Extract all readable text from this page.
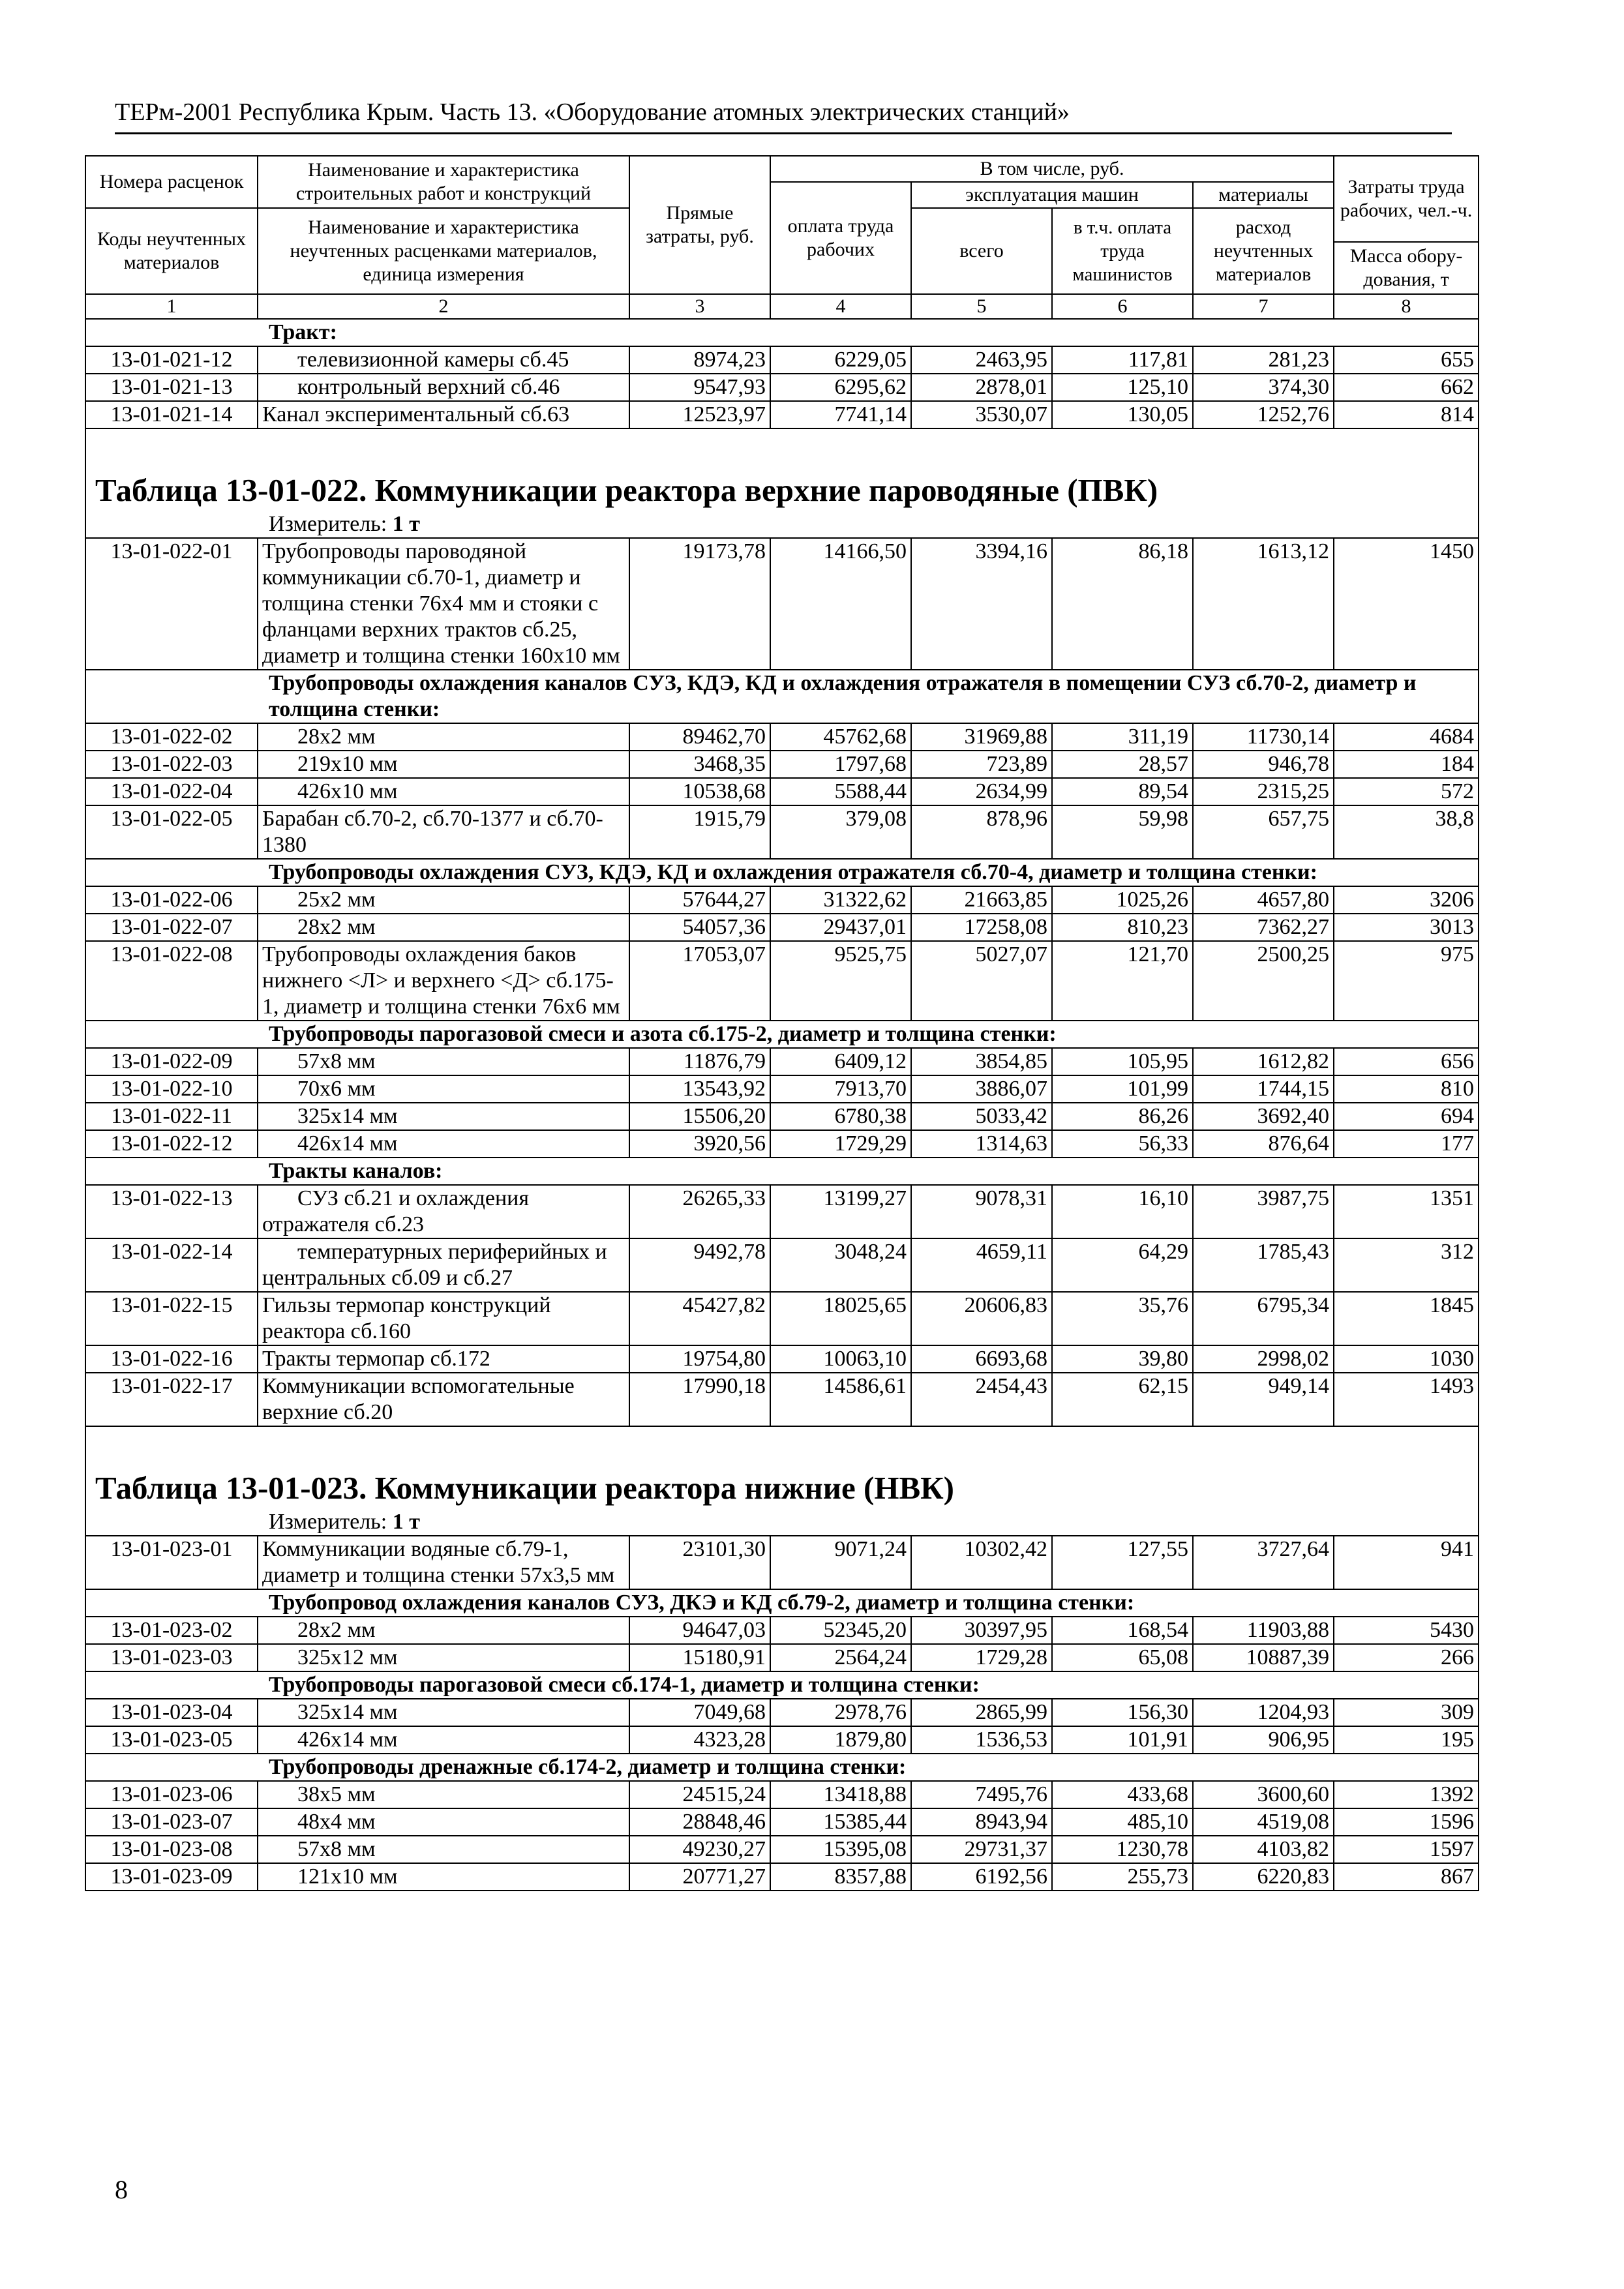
ТЕРм-2001 Республика Крым. Часть 13. «Оборудование атомных электрических станций»
Номера расценок	Наименование и характеристика строительных работ и конструкций	Прямые затраты, руб.	В том числе, руб.				Затраты труда рабочих, чел.-ч.
			оплата труда рабочих	эксплуатация машин		материалы	
Коды неучтенных материалов	Наименование и характеристика неучтенных расценками материалов, единица измерения			всего	в т.ч. оплата труда машинистов	расход неучтенных материалов	
							Масса обору-дования, т
1	2	3	4	5	6	7	8
Тракт:							
13-01-021-12	телевизионной камеры сб.45	8974,23	6229,05	2463,95	117,81	281,23	655
13-01-021-13	контрольный верхний сб.46	9547,93	6295,62	2878,01	125,10	374,30	662
13-01-021-14	Канал экспериментальный сб.63	12523,97	7741,14	3530,07	130,05	1252,76	814
Таблица 13-01-022. Коммуникации реактора верхние пароводяные (ПВК)							
Измеритель: 1 т							
13-01-022-01	Трубопроводы пароводяной коммуникации сб.70-1, диаметр и толщина стенки 76x4 мм и стояки с фланцами верхних трактов сб.25, диаметр и толщина стенки 160x10 мм	19173,78	14166,50	3394,16	86,18	1613,12	1450
Трубопроводы охлаждения каналов СУЗ, КДЭ, КД и охлаждения отражателя в помещении СУЗ сб.70-2, диаметр и толщина стенки:							
13-01-022-02	28x2 мм	89462,70	45762,68	31969,88	311,19	11730,14	4684
13-01-022-03	219x10 мм	3468,35	1797,68	723,89	28,57	946,78	184
13-01-022-04	426x10 мм	10538,68	5588,44	2634,99	89,54	2315,25	572
13-01-022-05	Барабан сб.70-2, сб.70-1377 и сб.70-1380	1915,79	379,08	878,96	59,98	657,75	38,8
Трубопроводы охлаждения СУЗ, КДЭ, КД и охлаждения отражателя сб.70-4, диаметр и толщина стенки:							
13-01-022-06	25x2 мм	57644,27	31322,62	21663,85	1025,26	4657,80	3206
13-01-022-07	28x2 мм	54057,36	29437,01	17258,08	810,23	7362,27	3013
13-01-022-08	Трубопроводы охлаждения баков нижнего <Л> и верхнего <Д> сб.175-1, диаметр и толщина стенки 76x6 мм	17053,07	9525,75	5027,07	121,70	2500,25	975
Трубопроводы парогазовой смеси и азота сб.175-2, диаметр и толщина стенки:							
13-01-022-09	57x8 мм	11876,79	6409,12	3854,85	105,95	1612,82	656
13-01-022-10	70x6 мм	13543,92	7913,70	3886,07	101,99	1744,15	810
13-01-022-11	325x14 мм	15506,20	6780,38	5033,42	86,26	3692,40	694
13-01-022-12	426x14 мм	3920,56	1729,29	1314,63	56,33	876,64	177
Тракты каналов:							
13-01-022-13	СУЗ сб.21 и охлаждения отражателя сб.23	26265,33	13199,27	9078,31	16,10	3987,75	1351
13-01-022-14	температурных периферийных и центральных сб.09 и сб.27	9492,78	3048,24	4659,11	64,29	1785,43	312
13-01-022-15	Гильзы термопар конструкций реактора сб.160	45427,82	18025,65	20606,83	35,76	6795,34	1845
13-01-022-16	Тракты термопар сб.172	19754,80	10063,10	6693,68	39,80	2998,02	1030
13-01-022-17	Коммуникации вспомогательные верхние сб.20	17990,18	14586,61	2454,43	62,15	949,14	1493
Таблица 13-01-023. Коммуникации реактора нижние (НВК)							
Измеритель: 1 т							
13-01-023-01	Коммуникации водяные сб.79-1, диаметр и толщина стенки 57x3,5 мм	23101,30	9071,24	10302,42	127,55	3727,64	941
Трубопровод охлаждения каналов СУЗ, ДКЭ и КД сб.79-2, диаметр и толщина стенки:							
13-01-023-02	28x2 мм	94647,03	52345,20	30397,95	168,54	11903,88	5430
13-01-023-03	325x12 мм	15180,91	2564,24	1729,28	65,08	10887,39	266
Трубопроводы парогазовой смеси сб.174-1, диаметр и толщина стенки:							
13-01-023-04	325x14 мм	7049,68	2978,76	2865,99	156,30	1204,93	309
13-01-023-05	426x14 мм	4323,28	1879,80	1536,53	101,91	906,95	195
Трубопроводы дренажные сб.174-2, диаметр и толщина стенки:							
13-01-023-06	38x5 мм	24515,24	13418,88	7495,76	433,68	3600,60	1392
13-01-023-07	48x4 мм	28848,46	15385,44	8943,94	485,10	4519,08	1596
13-01-023-08	57x8 мм	49230,27	15395,08	29731,37	1230,78	4103,82	1597
13-01-023-09	121x10 мм	20771,27	8357,88	6192,56	255,73	6220,83	867
8
